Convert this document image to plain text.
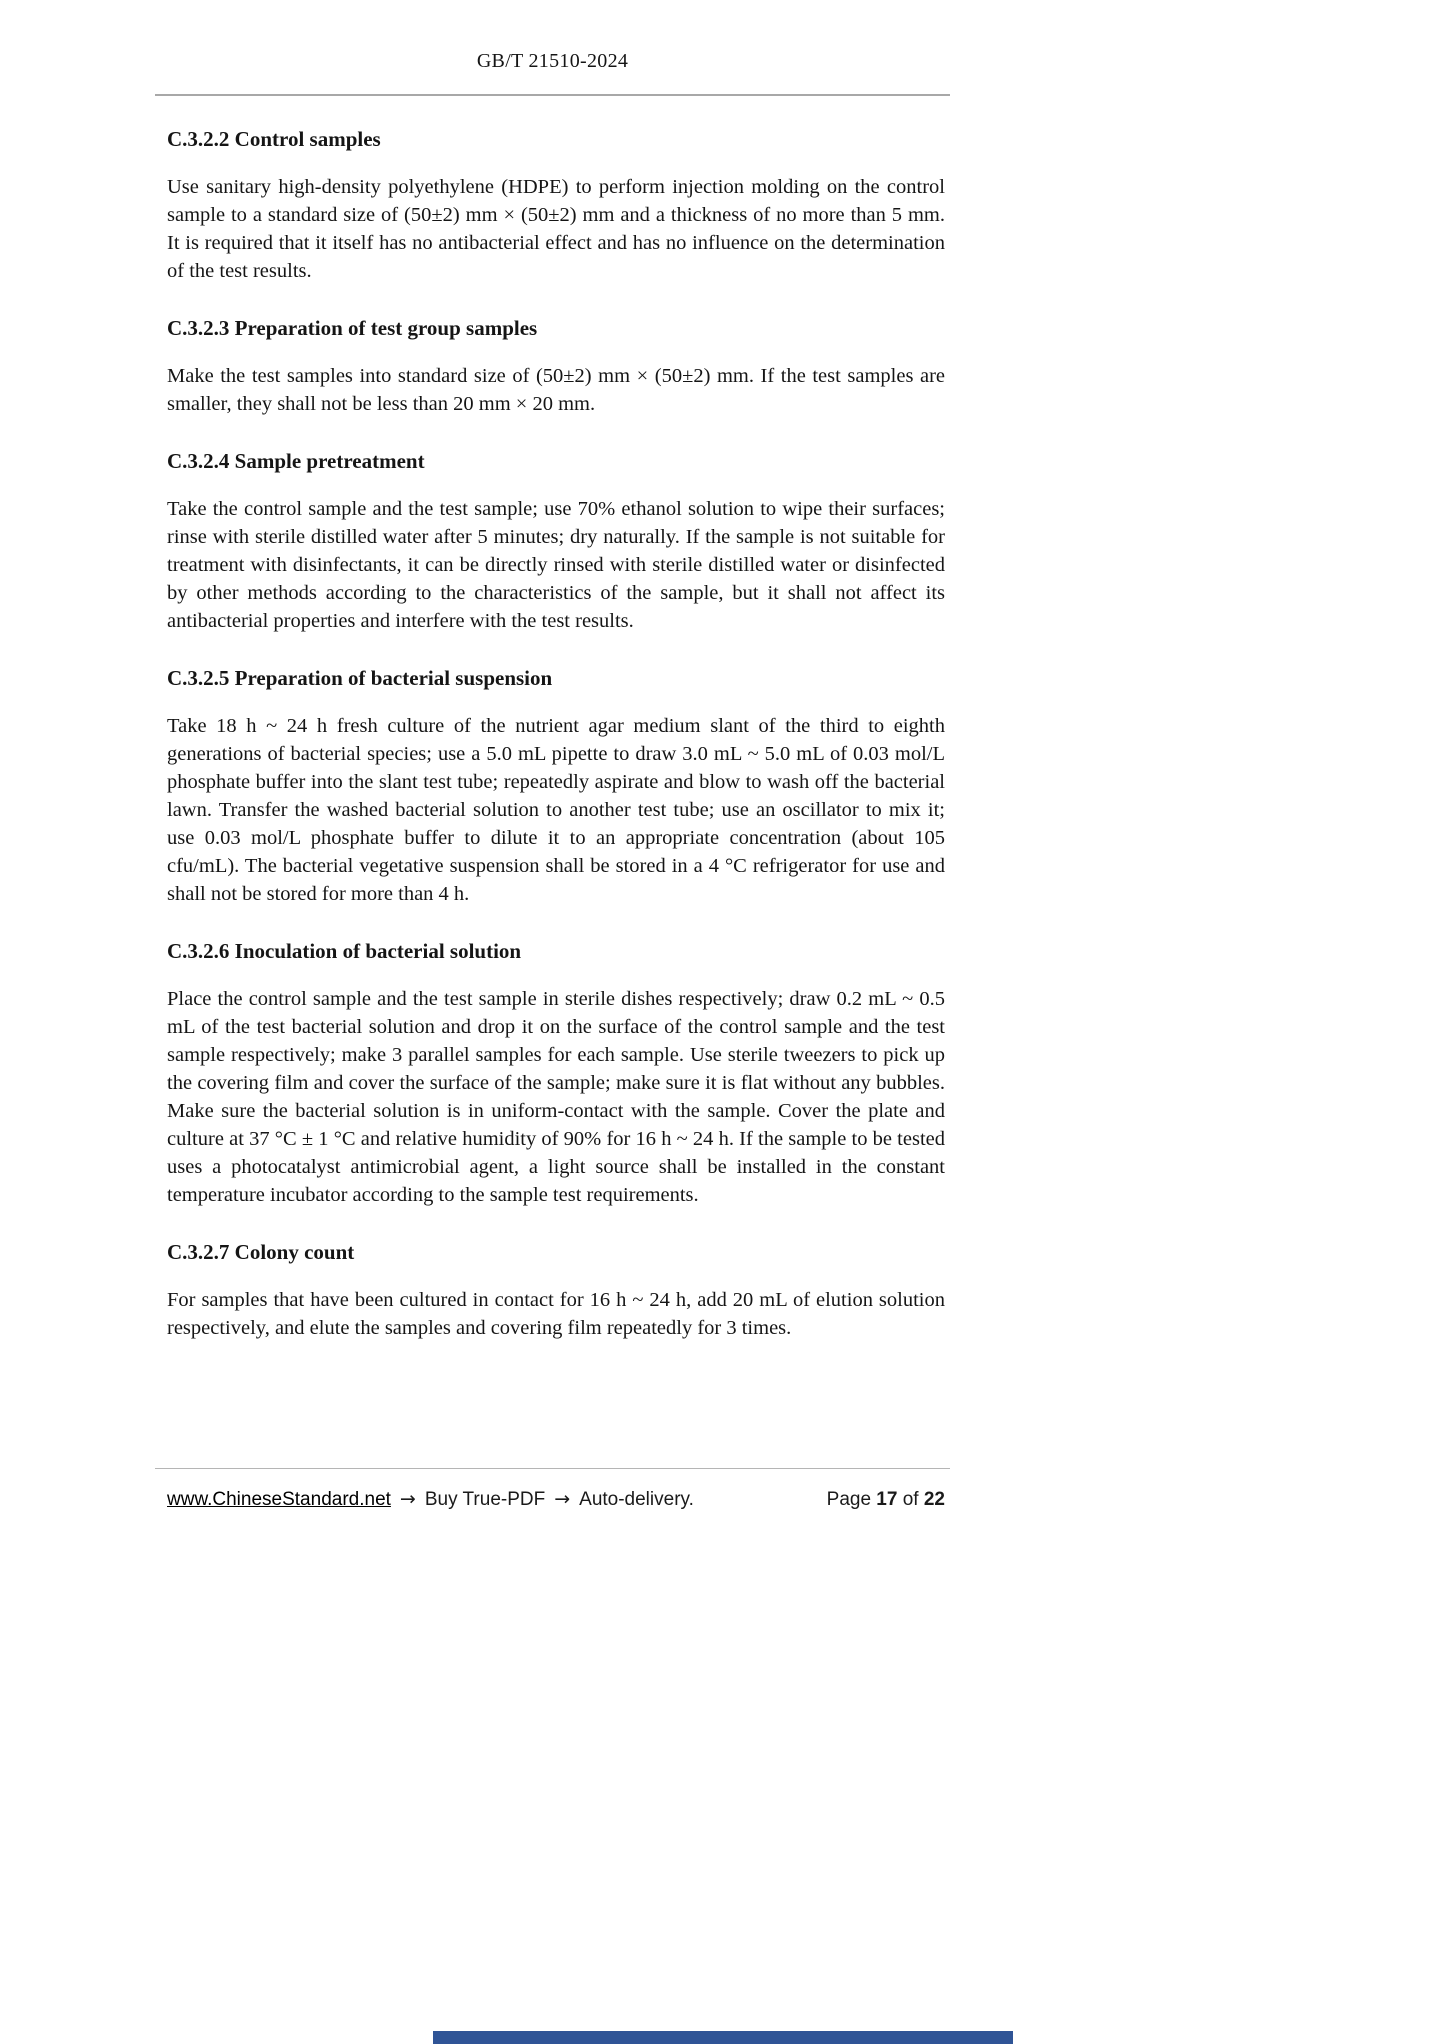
GB/T 21510-2024
C.3.2.2 Control samples

Use sanitary high-density polyethylene (HDPE) to perform injection molding on the control sample to a standard size of (50±2) mm × (50±2) mm and a thickness of no more than 5 mm. It is required that it itself has no antibacterial effect and has no influence on the determination of the test results.

C.3.2.3 Preparation of test group samples

Make the test samples into standard size of (50±2) mm × (50±2) mm. If the test samples are smaller, they shall not be less than 20 mm × 20 mm.

C.3.2.4 Sample pretreatment

Take the control sample and the test sample; use 70% ethanol solution to wipe their surfaces; rinse with sterile distilled water after 5 minutes; dry naturally. If the sample is not suitable for treatment with disinfectants, it can be directly rinsed with sterile distilled water or disinfected by other methods according to the characteristics of the sample, but it shall not affect its antibacterial properties and interfere with the test results.

C.3.2.5 Preparation of bacterial suspension

Take 18 h ~ 24 h fresh culture of the nutrient agar medium slant of the third to eighth generations of bacterial species; use a 5.0 mL pipette to draw 3.0 mL ~ 5.0 mL of 0.03 mol/L phosphate buffer into the slant test tube; repeatedly aspirate and blow to wash off the bacterial lawn. Transfer the washed bacterial solution to another test tube; use an oscillator to mix it; use 0.03 mol/L phosphate buffer to dilute it to an appropriate concentration (about 105 cfu/mL). The bacterial vegetative suspension shall be stored in a 4 °C refrigerator for use and shall not be stored for more than 4 h.

C.3.2.6 Inoculation of bacterial solution

Place the control sample and the test sample in sterile dishes respectively; draw 0.2 mL ~ 0.5 mL of the test bacterial solution and drop it on the surface of the control sample and the test sample respectively; make 3 parallel samples for each sample. Use sterile tweezers to pick up the covering film and cover the surface of the sample; make sure it is flat without any bubbles. Make sure the bacterial solution is in uniform-contact with the sample. Cover the plate and culture at 37 °C ± 1 °C and relative humidity of 90% for 16 h ~ 24 h. If the sample to be tested uses a photocatalyst antimicrobial agent, a light source shall be installed in the constant temperature incubator according to the sample test requirements.

C.3.2.7 Colony count

For samples that have been cultured in contact for 16 h ~ 24 h, add 20 mL of elution solution respectively, and elute the samples and covering film repeatedly for 3 times.

www.ChineseStandard.net → Buy True-PDF → Auto-delivery.	Page 17 of 22
